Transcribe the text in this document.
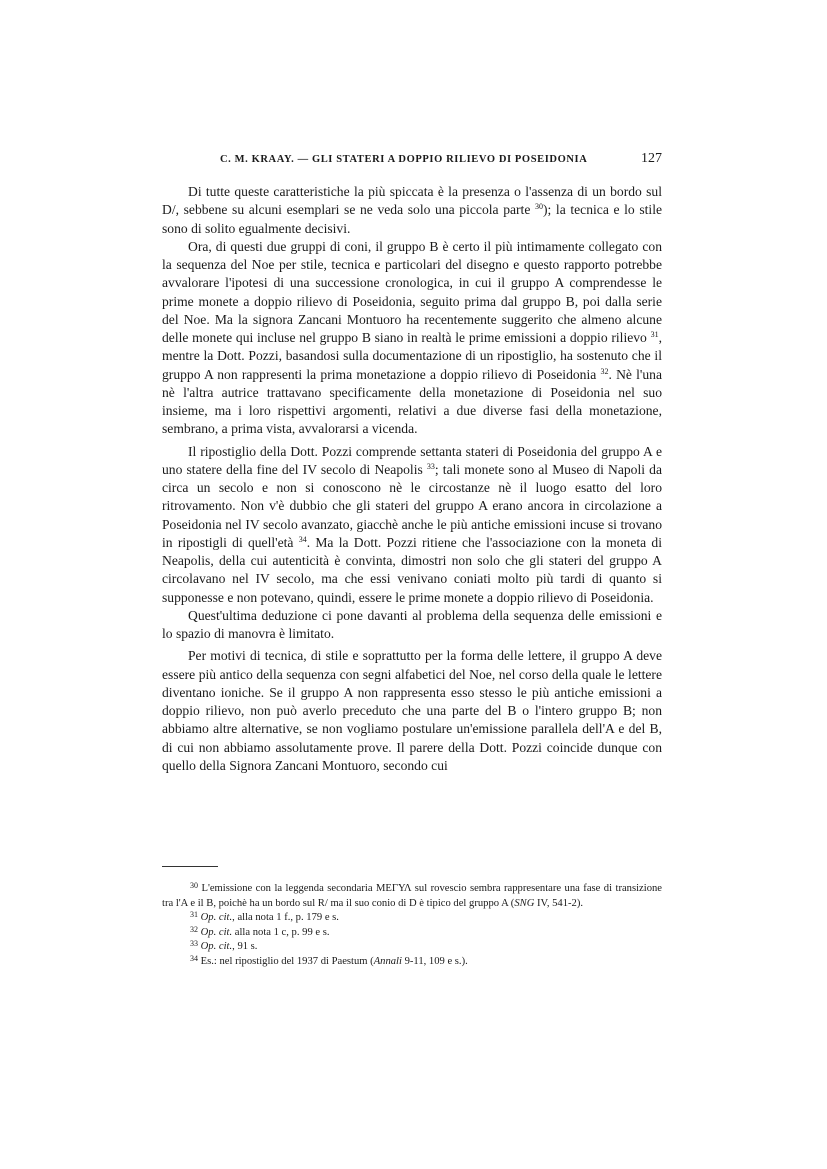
C. M. KRAAY. — GLI STATERI A DOPPIO RILIEVO DI POSEIDONIA	127

Di tutte queste caratteristiche la più spiccata è la presenza o l'assenza di un bordo sul D/, sebbene su alcuni esemplari se ne veda solo una piccola parte $^{30}$); la tecnica e lo stile sono di solito egualmente decisivi.

Ora, di questi due gruppi di coni, il gruppo B è certo il più intimamente collegato con la sequenza del Noe per stile, tecnica e particolari del disegno e questo rapporto potrebbe avvalorare l'ipotesi di una successione cronologica, in cui il gruppo A comprendesse le prime monete a doppio rilievo di Poseidonia, seguito prima dal gruppo B, poi dalla serie del Noe. Ma la signora Zancani Montuoro ha recentemente suggerito che almeno alcune delle monete qui incluse nel gruppo B siano in realtà le prime emissioni a doppio rilievo $^{31}$, mentre la Dott. Pozzi, basandosi sulla documentazione di un ripostiglio, ha sostenuto che il gruppo A non rappresenti la prima monetazione a doppio rilievo di Poseidonia $^{32}$. Nè l'una nè l'altra autrice trattavano specificamente della monetazione di Poseidonia nel suo insieme, ma i loro rispettivi argomenti, relativi a due diverse fasi della monetazione, sembrano, a prima vista, avvalorarsi a vicenda.

Il ripostiglio della Dott. Pozzi comprende settanta stateri di Poseidonia del gruppo A e uno statere della fine del IV secolo di Neapolis $^{33}$; tali monete sono al Museo di Napoli da circa un secolo e non si conoscono nè le circostanze nè il luogo esatto del loro ritrovamento. Non v'è dubbio che gli stateri del gruppo A erano ancora in circolazione a Poseidonia nel IV secolo avanzato, giacchè anche le più antiche emissioni incuse si trovano in ripostigli di quell'età $^{34}$. Ma la Dott. Pozzi ritiene che l'associazione con la moneta di Neapolis, della cui autenticità è convinta, dimostri non solo che gli stateri del gruppo A circolavano nel IV secolo, ma che essi venivano coniati molto più tardi di quanto si supponesse e non potevano, quindi, essere le prime monete a doppio rilievo di Poseidonia.

Quest'ultima deduzione ci pone davanti al problema della sequenza delle emissioni e lo spazio di manovra è limitato.

Per motivi di tecnica, di stile e soprattutto per la forma delle lettere, il gruppo A deve essere più antico della sequenza con segni alfabetici del Noe, nel corso della quale le lettere diventano ioniche. Se il gruppo A non rappresenta esso stesso le più antiche emissioni a doppio rilievo, non può averlo preceduto che una parte del B o l'intero gruppo B; non abbiamo altre alternative, se non vogliamo postulare un'emissione parallela dell'A e del B, di cui non abbiamo assolutamente prove. Il parere della Dott. Pozzi coincide dunque con quello della Signora Zancani Montuoro, secondo cui

$^{30}$ L'emissione con la leggenda secondaria ΜΕΓΥΛ sul rovescio sembra rappresentare una fase di transizione tra l'A e il B, poichè ha un bordo sul R/ ma il suo conio di D è tipico del gruppo A (SNG IV, 541-2).
$^{31}$ Op. cit., alla nota 1 f., p. 179 e s.
$^{32}$ Op. cit. alla nota 1 c, p. 99 e s.
$^{33}$ Op. cit., 91 s.
$^{34}$ Es.: nel ripostiglio del 1937 di Paestum (Annali 9-11, 109 e s.).
